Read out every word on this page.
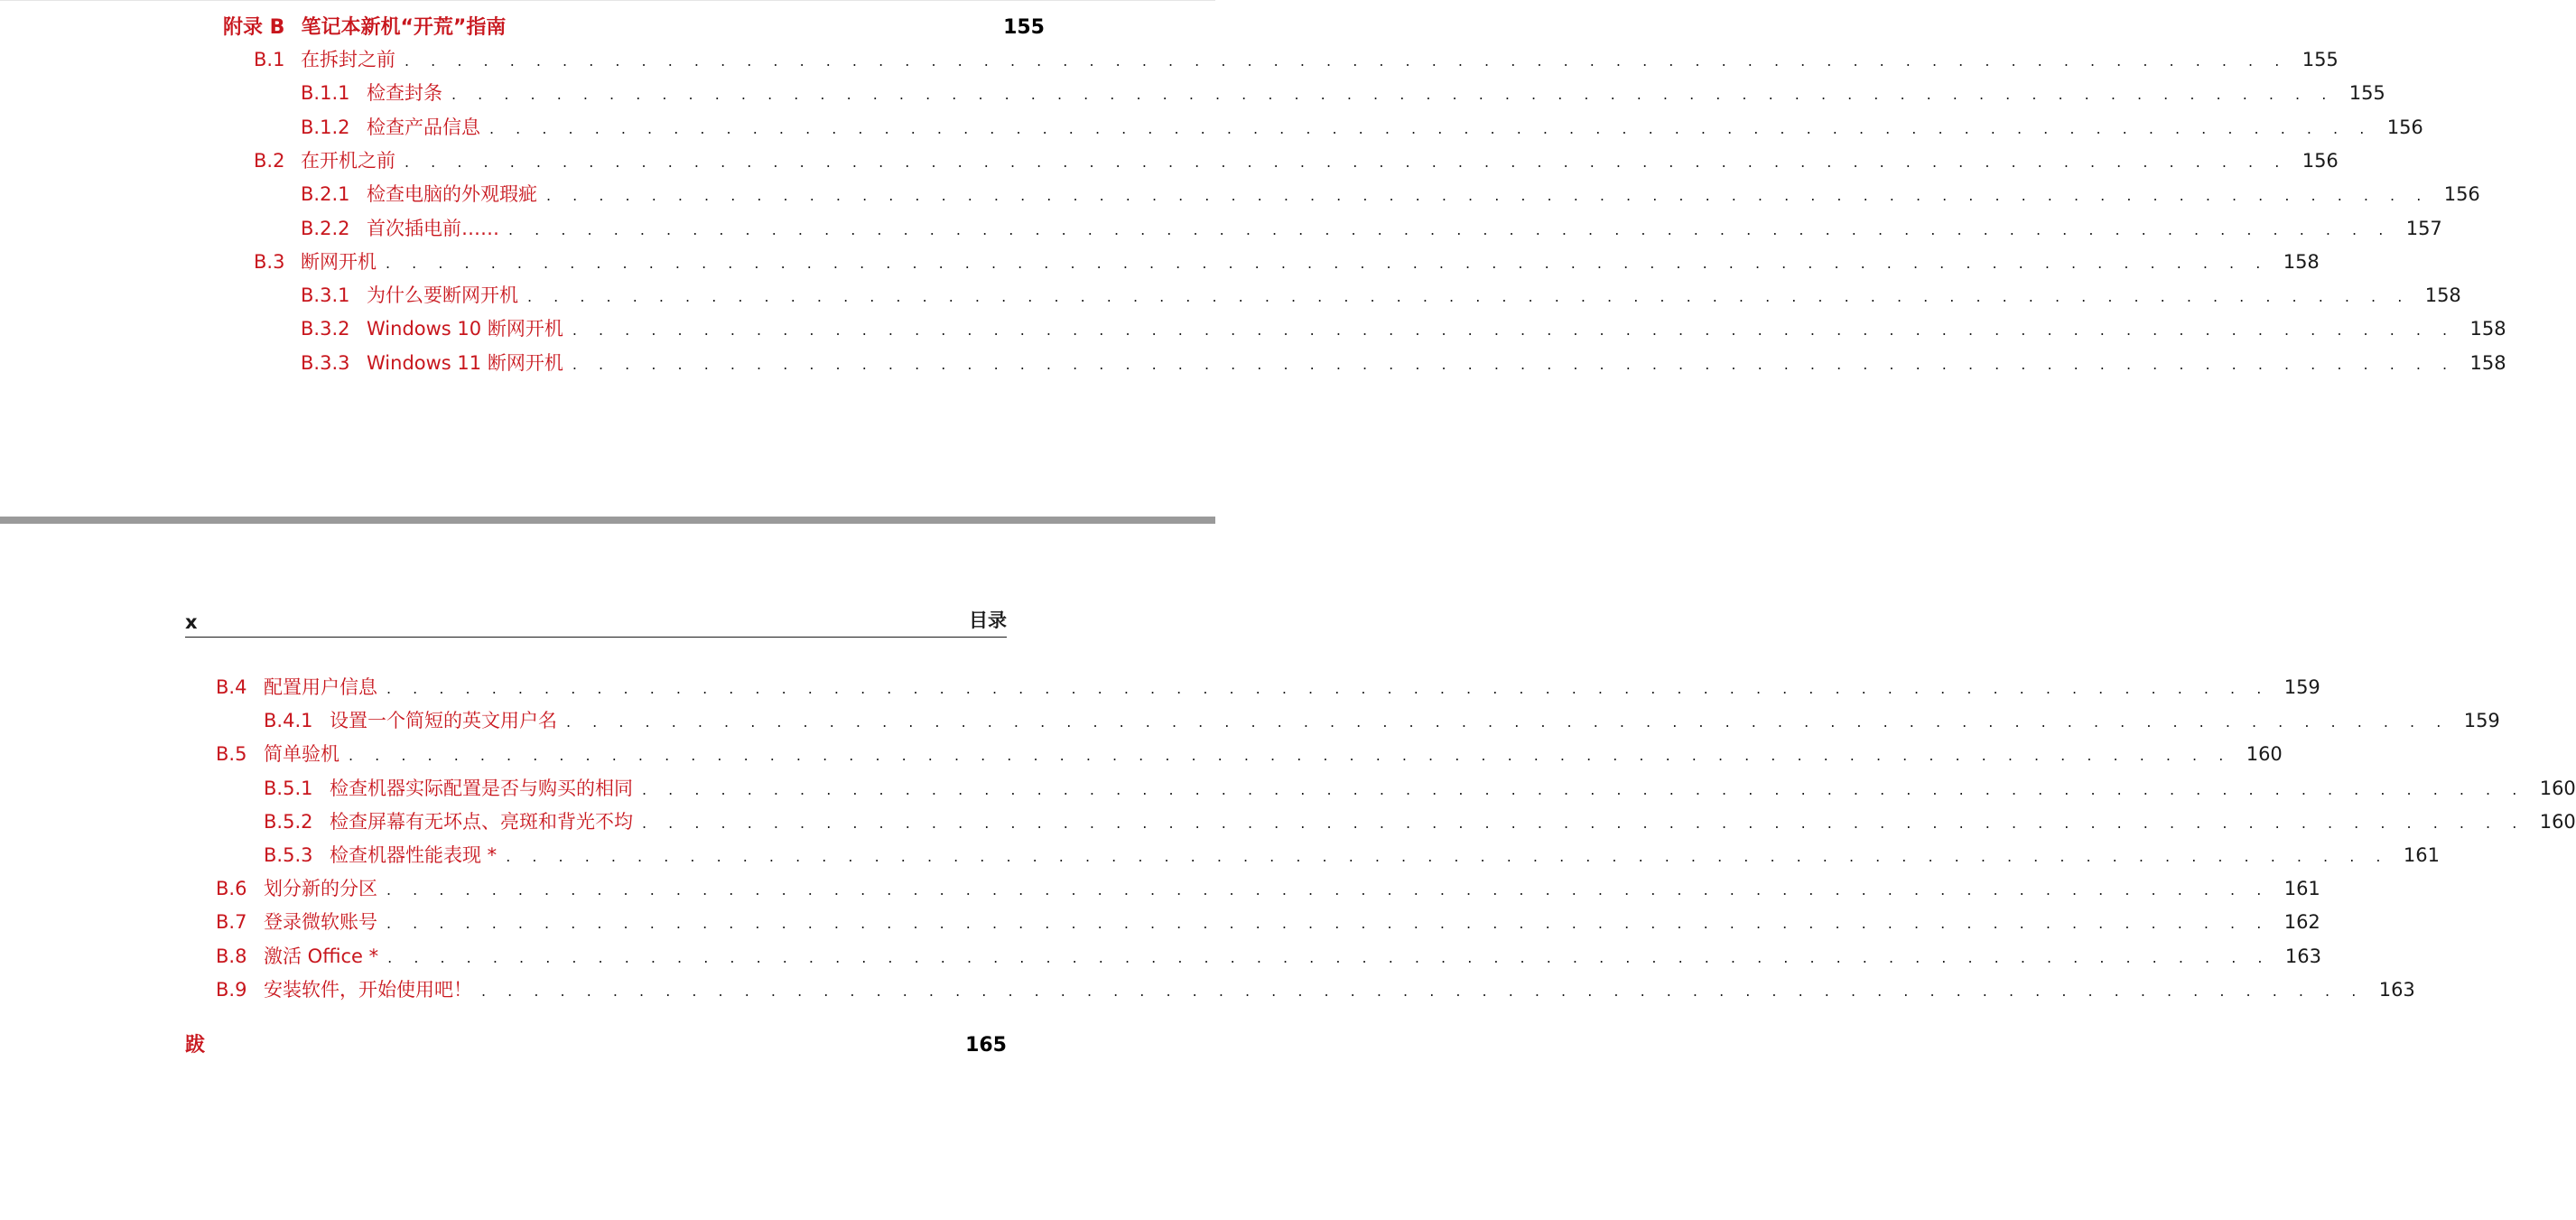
附录 B 笔记本新机“开荒”指南	155
B.1 在拆封之前 . . . . . . . . . . . . . . . . . . . . . . . . . . . . . . . . . . . . . . . . . . . . . . . . . . . . . . . . . . . . . . . . . . . . . . . . 155
B.1.1 检查封条 . . . . . . . . . . . . . . . . . . . . . . . . . . . . . . . . . . . . . . . . . . . . . . . . . . . . . . . . . . . . . . . . . . . . . . . . 155
B.1.2 检查产品信息 . . . . . . . . . . . . . . . . . . . . . . . . . . . . . . . . . . . . . . . . . . . . . . . . . . . . . . . . . . . . . . . . . . . . . . . . 156
B.2 在开机之前 . . . . . . . . . . . . . . . . . . . . . . . . . . . . . . . . . . . . . . . . . . . . . . . . . . . . . . . . . . . . . . . . . . . . . . . . 156
B.2.1 检查电脑的外观瑕疵 . . . . . . . . . . . . . . . . . . . . . . . . . . . . . . . . . . . . . . . . . . . . . . . . . . . . . . . . . . . . . . . . . . . . . . . . 156
B.2.2 首次插电前…… . . . . . . . . . . . . . . . . . . . . . . . . . . . . . . . . . . . . . . . . . . . . . . . . . . . . . . . . . . . . . . . . . . . . . . . . 157
B.3 断网开机 . . . . . . . . . . . . . . . . . . . . . . . . . . . . . . . . . . . . . . . . . . . . . . . . . . . . . . . . . . . . . . . . . . . . . . . . 158
B.3.1 为什么要断网开机 . . . . . . . . . . . . . . . . . . . . . . . . . . . . . . . . . . . . . . . . . . . . . . . . . . . . . . . . . . . . . . . . . . . . . . . . 158
B.3.2 Windows 10 断网开机 . . . . . . . . . . . . . . . . . . . . . . . . . . . . . . . . . . . . . . . . . . . . . . . . . . . . . . . . . . . . . . . . . . . . . . . . 158
B.3.3 Windows 11 断网开机 . . . . . . . . . . . . . . . . . . . . . . . . . . . . . . . . . . . . . . . . . . . . . . . . . . . . . . . . . . . . . . . . . . . . . . . . 158
x	目录
B.4 配置用户信息 . . . . . . . . . . . . . . . . . . . . . . . . . . . . . . . . . . . . . . . . . . . . . . . . . . . . . . . . . . . . . . . . . . . . . . . . 159
B.4.1 设置一个简短的英文用户名 . . . . . . . . . . . . . . . . . . . . . . . . . . . . . . . . . . . . . . . . . . . . . . . . . . . . . . . . . . . . . . . . . . . . . . . . 159
B.5 简单验机 . . . . . . . . . . . . . . . . . . . . . . . . . . . . . . . . . . . . . . . . . . . . . . . . . . . . . . . . . . . . . . . . . . . . . . . . 160
B.5.1 检查机器实际配置是否与购买的相同 . . . . . . . . . . . . . . . . . . . . . . . . . . . . . . . . . . . . . . . . . . . . . . . . . . . . . . . . . . . . . . . . . . . . . . . . 160
B.5.2 检查屏幕有无坏点、亮斑和背光不均 . . . . . . . . . . . . . . . . . . . . . . . . . . . . . . . . . . . . . . . . . . . . . . . . . . . . . . . . . . . . . . . . . . . . . . . . 160
B.5.3 检查机器性能表现 * . . . . . . . . . . . . . . . . . . . . . . . . . . . . . . . . . . . . . . . . . . . . . . . . . . . . . . . . . . . . . . . . . . . . . . . . 161
B.6 划分新的分区 . . . . . . . . . . . . . . . . . . . . . . . . . . . . . . . . . . . . . . . . . . . . . . . . . . . . . . . . . . . . . . . . . . . . . . . . 161
B.7 登录微软账号 . . . . . . . . . . . . . . . . . . . . . . . . . . . . . . . . . . . . . . . . . . . . . . . . . . . . . . . . . . . . . . . . . . . . . . . . 162
B.8 激活 Office * . . . . . . . . . . . . . . . . . . . . . . . . . . . . . . . . . . . . . . . . . . . . . . . . . . . . . . . . . . . . . . . . . . . . . . . . 163
B.9 安装软件，开始使用吧！ . . . . . . . . . . . . . . . . . . . . . . . . . . . . . . . . . . . . . . . . . . . . . . . . . . . . . . . . . . . . . . . . . . . . . . . . 163
跋	165
